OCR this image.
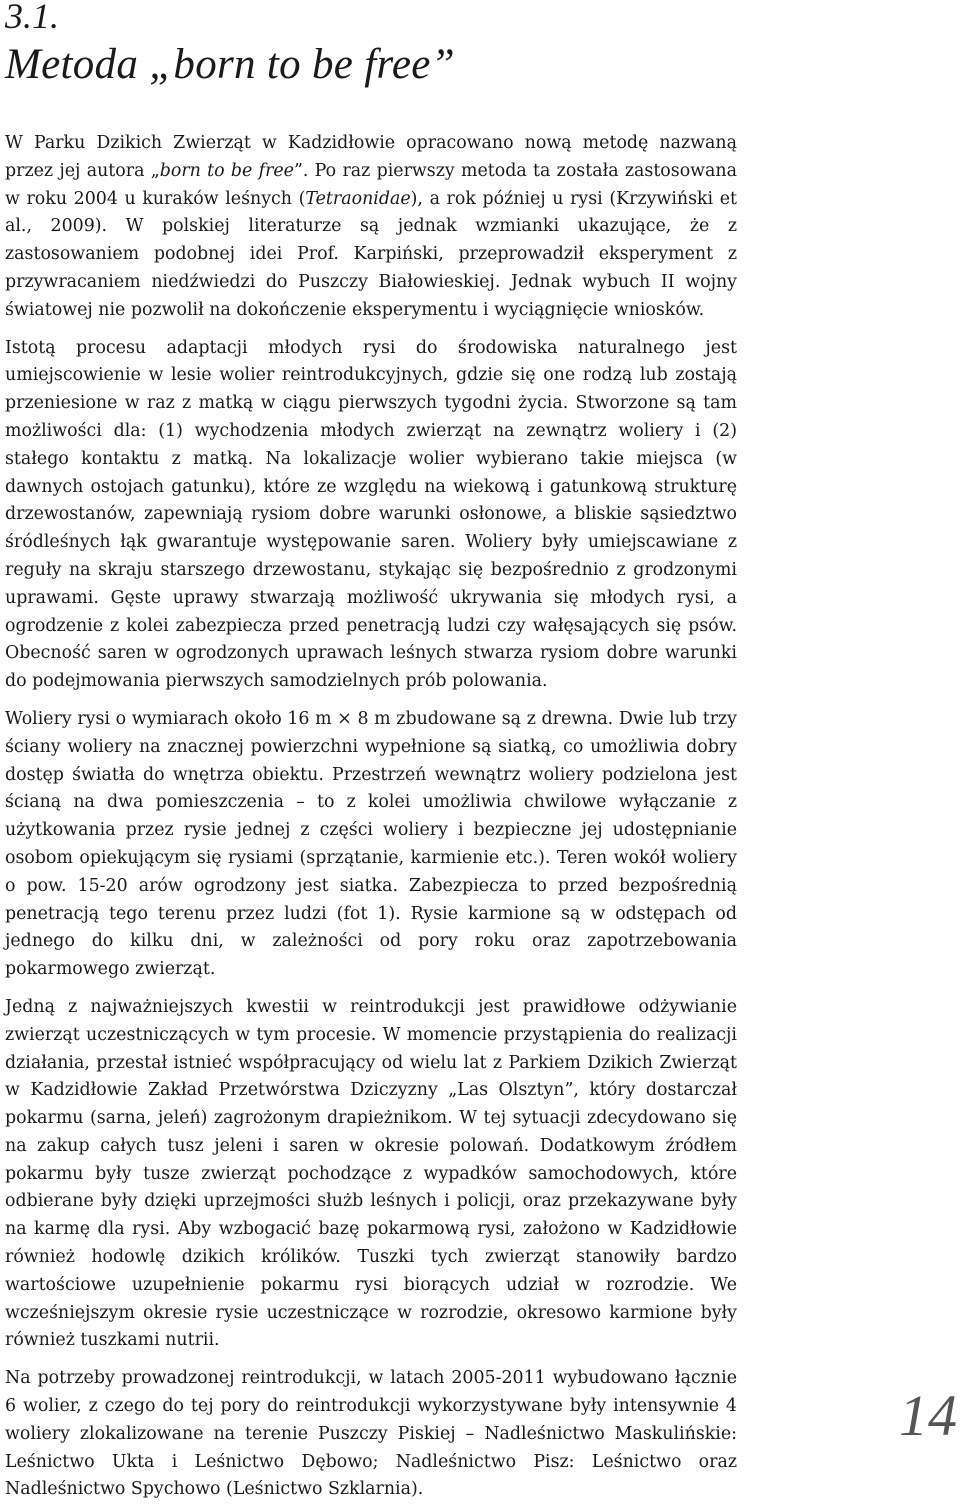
3.1.
Metoda „born to be free”

W Parku Dzikich Zwierząt w Kadzidłowie opracowano nową metodę nazwaną przez jej autora „born to be free”. Po raz pierwszy metoda ta została zastosowana w roku 2004 u kuraków leśnych (Tetraonidae), a rok później u rysi (Krzywiński et al., 2009). W polskiej literaturze są jednak wzmianki ukazujące, że z zastosowaniem podobnej idei Prof. Karpiński, przeprowadził eksperyment z przywracaniem niedźwiedzi do Puszczy Białowieskiej. Jednak wybuch II wojny światowej nie pozwolił na dokończenie eksperymentu i wyciągnięcie wniosków.

Istotą procesu adaptacji młodych rysi do środowiska naturalnego jest umiejscowienie w lesie wolier reintrodukcyjnych, gdzie się one rodzą lub zostają przeniesione w raz z matką w ciągu pierwszych tygodni życia. Stworzone są tam możliwości dla: (1) wychodzenia młodych zwierząt na zewnątrz woliery i (2) stałego kontaktu z matką. Na lokalizacje wolier wybierano takie miejsca (w dawnych ostojach gatunku), które ze względu na wiekową i gatunkową strukturę drzewostanów, zapewniają rysiom dobre warunki osłonowe, a bliskie sąsiedztwo śródleśnych łąk gwarantuje występowanie saren. Woliery były umiejscawiane z reguły na skraju starszego drzewostanu, stykając się bezpośrednio z grodzonymi uprawami. Gęste uprawy stwarzają możliwość ukrywania się młodych rysi, a ogrodzenie z kolei zabezpiecza przed penetracją ludzi czy wałęsających się psów. Obecność saren w ogrodzonych uprawach leśnych stwarza rysiom dobre warunki do podejmowania pierwszych samodzielnych prób polowania.

Woliery rysi o wymiarach około 16 m × 8 m zbudowane są z drewna. Dwie lub trzy ściany woliery na znacznej powierzchni wypełnione są siatką, co umożliwia dobry dostęp światła do wnętrza obiektu. Przestrzeń wewnątrz woliery podzielona jest ścianą na dwa pomieszczenia – to z kolei umożliwia chwilowe wyłączanie z użytkowania przez rysie jednej z części woliery i bezpieczne jej udostępnianie osobom opiekującym się rysiami (sprzątanie, karmienie etc.). Teren wokół woliery o pow. 15-20 arów ogrodzony jest siatka. Zabezpiecza to przed bezpośrednią penetracją tego terenu przez ludzi (fot 1). Rysie karmione są w odstępach od jednego do kilku dni, w zależności od pory roku oraz zapotrzebowania pokarmowego zwierząt.

Jedną z najważniejszych kwestii w reintrodukcji jest prawidłowe odżywianie zwierząt uczestniczących w tym procesie. W momencie przystąpienia do realizacji działania, przestał istnieć współpracujący od wielu lat z Parkiem Dzikich Zwierząt w Kadzidłowie Zakład Przetwórstwa Dziczyzny „Las Olsztyn”, który dostarczał pokarmu (sarna, jeleń) zagrożonym drapieżnikom. W tej sytuacji zdecydowano się na zakup całych tusz jeleni i saren w okresie polowań. Dodatkowym źródłem pokarmu były tusze zwierząt pochodzące z wypadków samochodowych, które odbierane były dzięki uprzejmości służb leśnych i policji, oraz przekazywane były na karmę dla rysi. Aby wzbogacić bazę pokarmową rysi, założono w Kadzidłowie również hodowlę dzikich królików. Tuszki tych zwierząt stanowiły bardzo wartościowe uzupełnienie pokarmu rysi biorących udział w rozrodzie. We wcześniejszym okresie rysie uczestniczące w rozrodzie, okresowo karmione były również tuszkami nutrii.

Na potrzeby prowadzonej reintrodukcji, w latach 2005-2011 wybudowano łącznie 6 wolier, z czego do tej pory do reintrodukcji wykorzystywane były intensywnie 4 woliery zlokalizowane na terenie Puszczy Piskiej – Nadleśnictwo Maskulińskie: Leśnictwo Ukta i Leśnictwo Dębowo; Nadleśnictwo Pisz: Leśnictwo oraz Nadleśnictwo Spychowo (Leśnictwo Szklarnia).

14
